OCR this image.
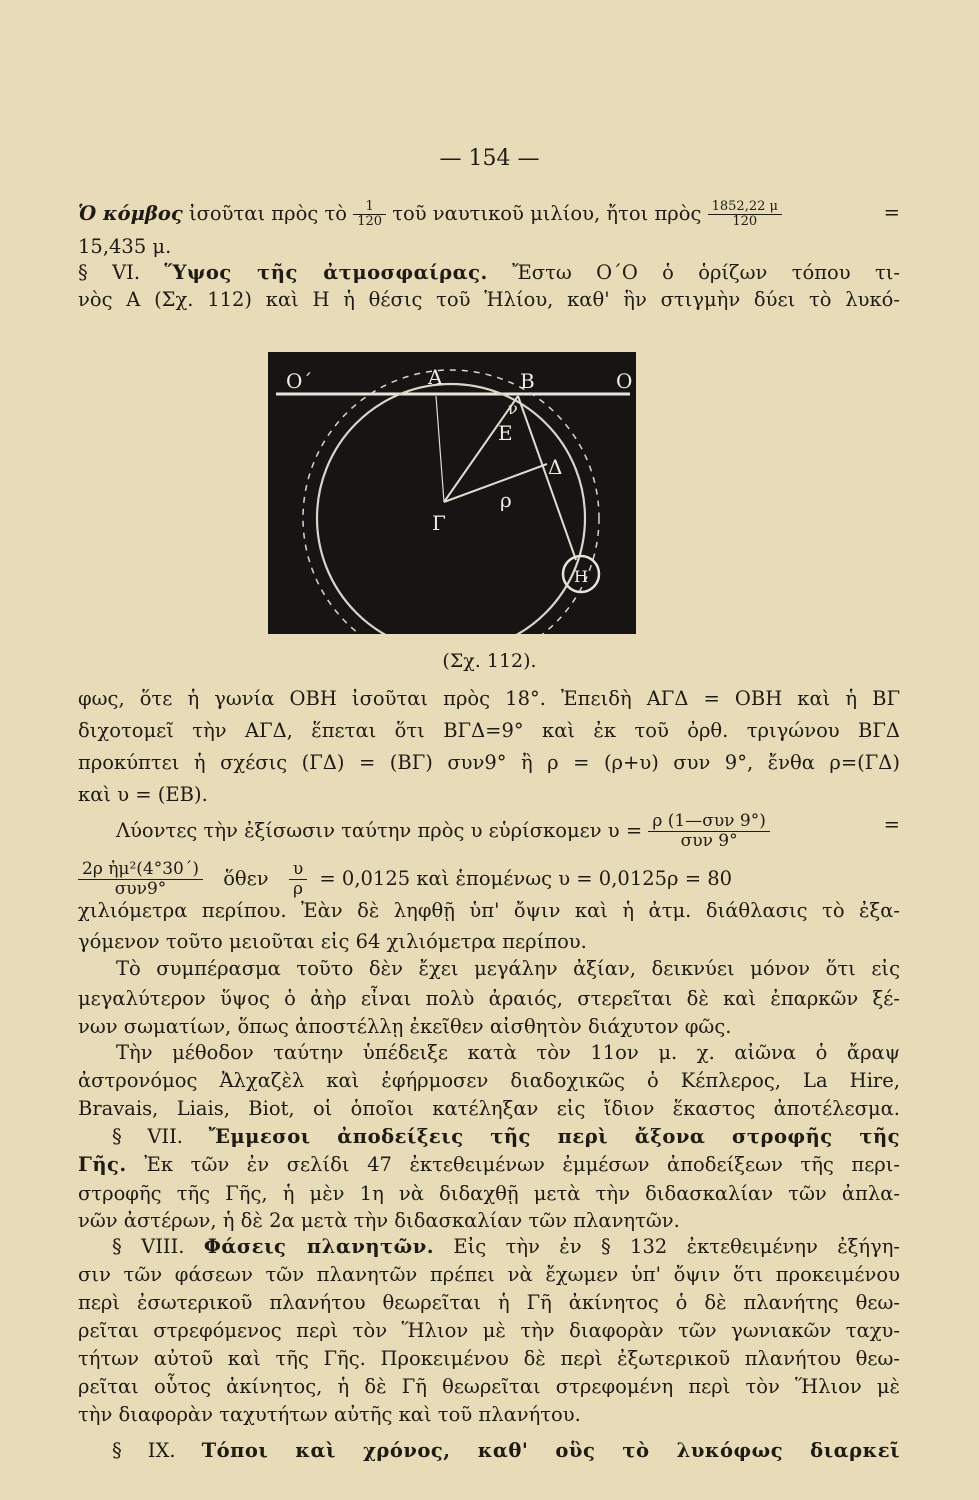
— 154 —
Ὁ κόμβος ἰσοῦται πρὸς τὸ $\frac{1}{120}$ τοῦ ναυτικοῦ μιλίου, ἤτοι πρὸς $\frac{1852,22 \mu}{120}$	=
15,435 μ.
§ VI. Ὕψος τῆς ἀτμοσφαίρας. Ἔστω Ο΄Ο ὁ ὁρίζων τόπου τι-
νὸς Α (Σχ. 112) καὶ Η ἡ θέσις τοῦ Ἡλίου, καθ' ἣν στιγμὴν δύει τὸ λυκό-
Ο΄	Α	Β	Ο
ν
Ε
Δ
ρ
Γ
Η
(Σχ. 112).
φως, ὅτε ἡ γωνία ΟΒΗ ἰσοῦται πρὸς 18°. Ἐπειδὴ ΑΓΔ = ΟΒΗ καὶ ἡ ΒΓ
διχοτομεῖ τὴν ΑΓΔ, ἕπεται ὅτι ΒΓΔ=9° καὶ ἐκ τοῦ ὀρθ. τριγώνου ΒΓΔ
προκύπτει ἡ σχέσις (ΓΔ) = (ΒΓ) συν9° ἢ ρ = (ρ+υ) συν 9°, ἔνθα ρ=(ΓΔ)
καὶ υ = (ΕΒ).
Λύοντες τὴν ἐξίσωσιν ταύτην πρὸς υ εὑρίσκομεν $\upsilon = \frac{\text{ρ (1—συν 9°)}}{\text{συν 9°}}$	=
$\frac{\text{2ρ ἡμ²(4°30΄)}}{\text{συν9°}}$ ὅθεν $\frac{\upsilon}{\rho} = 0,0125$ καὶ ἑπομένως υ = 0,0125ρ = 80
χιλιόμετρα περίπου. Ἐὰν δὲ ληφθῇ ὑπ' ὄψιν καὶ ἡ ἀτμ. διάθλασις τὸ ἐξα-
γόμενον τοῦτο μειοῦται εἰς 64 χιλιόμετρα περίπου.
Τὸ συμπέρασμα τοῦτο δὲν ἔχει μεγάλην ἀξίαν, δεικνύει μόνον ὅτι εἰς
μεγαλύτερον ὕψος ὁ ἀὴρ εἶναι πολὺ ἀραιός, στερεῖται δὲ καὶ ἐπαρκῶν ξέ-
νων σωματίων, ὅπως ἀποστέλλῃ ἐκεῖθεν αἰσθητὸν διάχυτον φῶς.
Τὴν μέθοδον ταύτην ὑπέδειξε κατὰ τὸν 11ον μ. χ. αἰῶνα ὁ ἄραψ
ἀστρονόμος Ἀλχαζὲλ καὶ ἐφήρμοσεν διαδοχικῶς ὁ Κέπλερος, La Hire,
Bravais, Liais, Biot, οἱ ὁποῖοι κατέληξαν εἰς ἴδιον ἕκαστος ἀποτέλεσμα.
§ VII. Ἔμμεσοι ἀποδείξεις τῆς περὶ ἄξονα στροφῆς τῆς
Γῆς. Ἐκ τῶν ἐν σελίδι 47 ἐκτεθειμένων ἐμμέσων ἀποδείξεων τῆς περι-
στροφῆς τῆς Γῆς, ἡ μὲν 1η νὰ διδαχθῇ μετὰ τὴν διδασκαλίαν τῶν ἀπλα-
νῶν ἀστέρων, ἡ δὲ 2α μετὰ τὴν διδασκαλίαν τῶν πλανητῶν.
§ VIII. Φάσεις πλανητῶν. Εἰς τὴν ἐν § 132 ἐκτεθειμένην ἐξήγη-
σιν τῶν φάσεων τῶν πλανητῶν πρέπει νὰ ἔχωμεν ὑπ' ὄψιν ὅτι προκειμένου
περὶ ἐσωτερικοῦ πλανήτου θεωρεῖται ἡ Γῆ ἀκίνητος ὁ δὲ πλανήτης θεω-
ρεῖται στρεφόμενος περὶ τὸν Ἥλιον μὲ τὴν διαφορὰν τῶν γωνιακῶν ταχυ-
τήτων αὐτοῦ καὶ τῆς Γῆς. Προκειμένου δὲ περὶ ἐξωτερικοῦ πλανήτου θεω-
ρεῖται οὗτος ἀκίνητος, ἡ δὲ Γῆ θεωρεῖται στρεφομένη περὶ τὸν Ἥλιον μὲ
τὴν διαφορὰν ταχυτήτων αὐτῆς καὶ τοῦ πλανήτου.
§ IX. Τόποι καὶ χρόνος, καθ' οὓς τὸ λυκόφως διαρκεῖ
